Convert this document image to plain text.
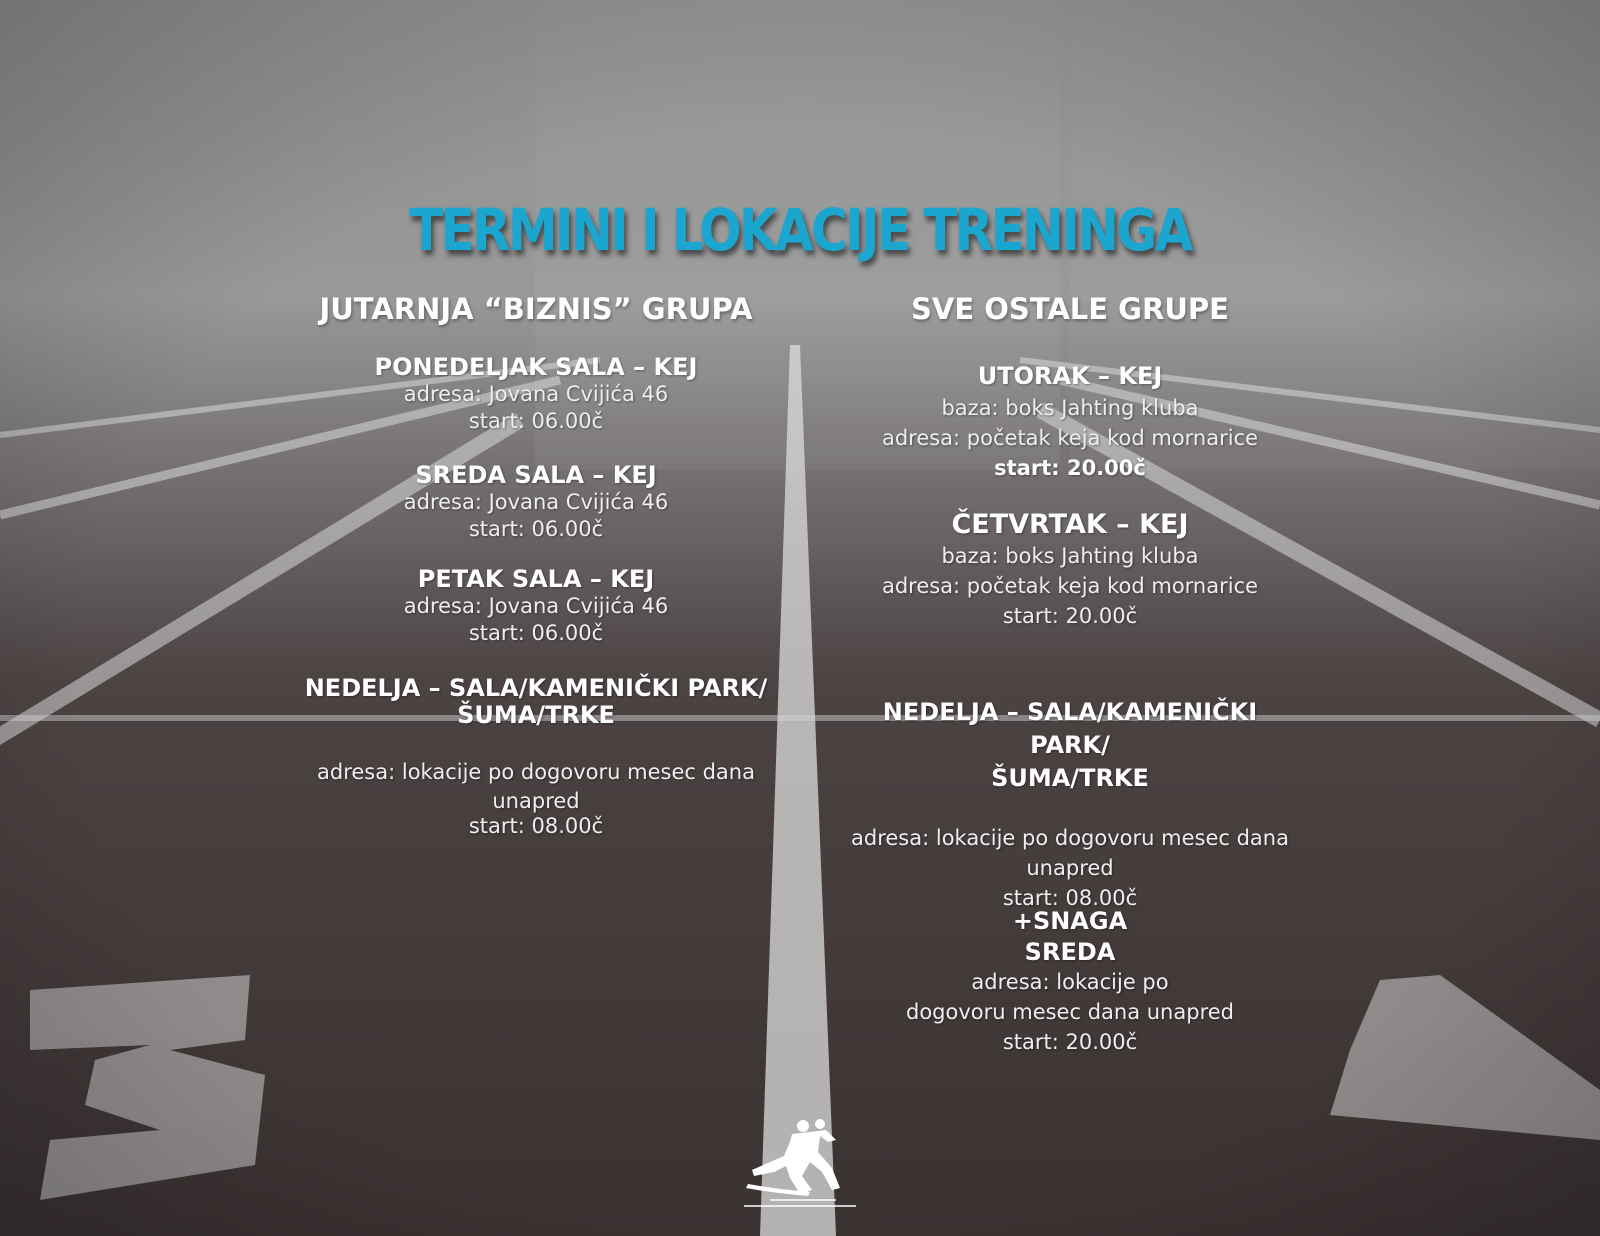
TERMINI I LOKACIJE TRENINGA
JUTARNJA “BIZNIS” GRUPA
PONEDELJAK SALA – KEJ
adresa: Jovana Cvijića 46
start: 06.00č
SREDA SALA – KEJ
adresa: Jovana Cvijića 46
start: 06.00č
PETAK SALA – KEJ
adresa: Jovana Cvijića 46
start: 06.00č
NEDELJA – SALA/KAMENIČKI PARK/
ŠUMA/TRKE
adresa: lokacije po dogovoru mesec dana
unapred
start: 08.00č
SVE OSTALE GRUPE
UTORAK – KEJ
baza: boks Jahting kluba
adresa: početak keja kod mornarice
start: 20.00č
ČETVRTAK – KEJ
baza: boks Jahting kluba
adresa: početak keja kod mornarice
start: 20.00č
NEDELJA – SALA/KAMENIČKI PARK/
ŠUMA/TRKE
adresa: lokacije po dogovoru mesec dana
unapred
start: 08.00č
+SNAGA
SREDA
adresa: lokacije po
dogovoru mesec dana unapred
start: 20.00č
